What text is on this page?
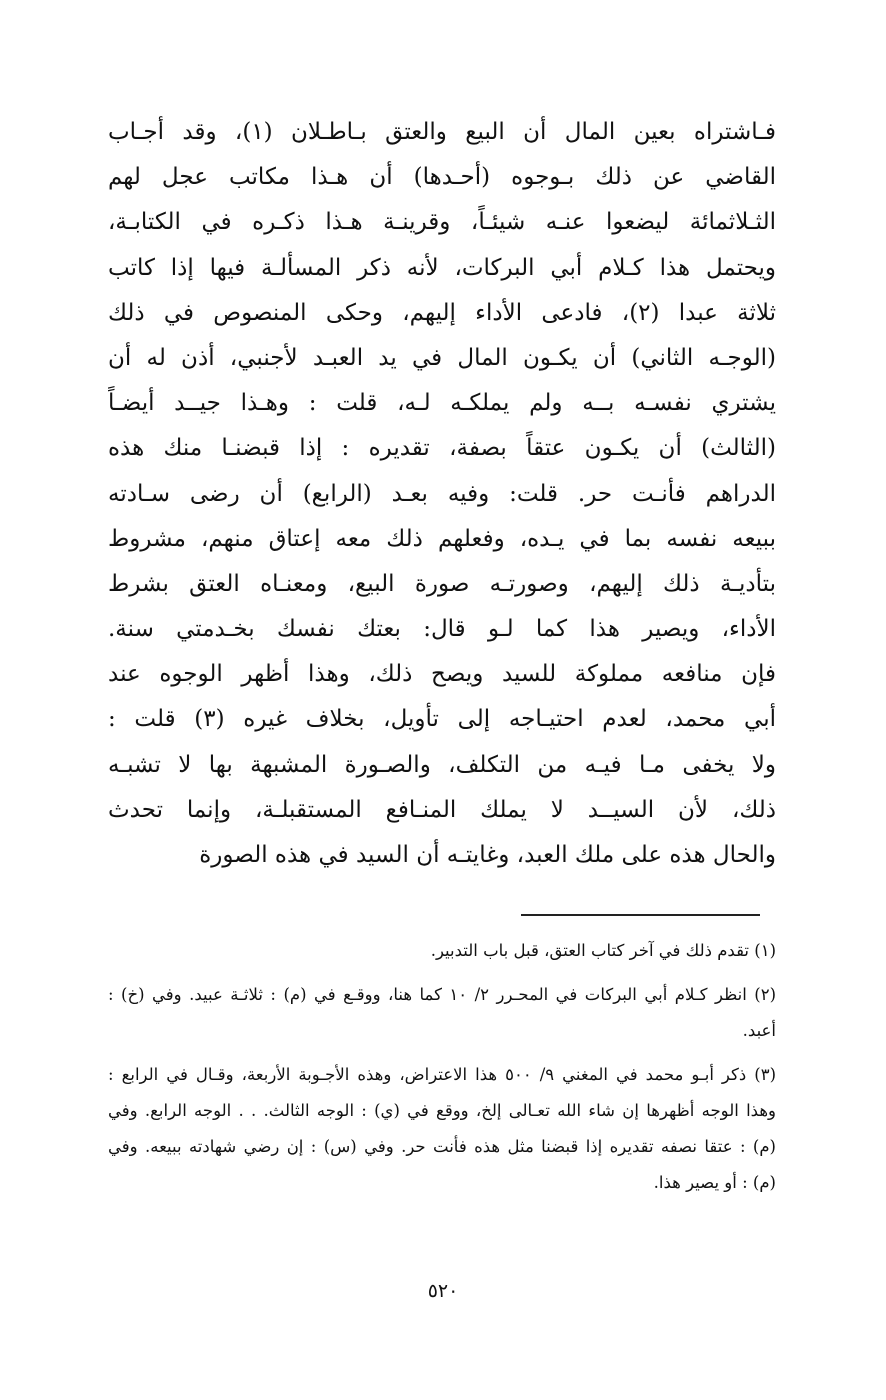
فـاشتراه بعين المال أن البيع والعتق بـاطـلان (١)، وقد أجـاب

القاضي عن ذلك بـوجوه (أحـدها) أن هـذا مكاتب عجل لهم

الثـلاثمائة ليضعوا عنـه شيئـاً، وقرينـة هـذا ذكـره في الكتابـة،

ويحتمل هذا كـلام أبي البركات، لأنه ذكر المسألـة فيها إذا كاتب

ثلاثة عبدا (٢)، فادعى الأداء إليهم، وحكى المنصوص في ذلك

(الوجـه الثاني) أن يكـون المال في يد العبـد لأجنبي، أذن له أن

يشتري نفسـه بــه ولم يملكـه لـه، قلت : وهـذا جيــد أيضـاً

(الثالث) أن يكـون عتقاً بصفة، تقديره : إذا قبضنـا منك هذه

الدراهم فأنـت حر. قلت: وفيه بعـد (الرابع) أن رضى سـادته

ببيعه نفسه بما في يـده، وفعلهم ذلك معه إعتاق منهم، مشروط

بتأديـة ذلك إليهم، وصورتـه صورة البيع، ومعنـاه العتق بشرط

الأداء، ويصير هذا كما لـو قال: بعتك نفسك بخـدمتي سنة.

فإن منافعه مملوكة للسيد ويصح ذلك، وهذا أظهر الوجوه عند

أبي محمد، لعدم احتيـاجه إلى تأويل، بخلاف غيره (٣) قلت :

ولا يخفى مـا فيـه من التكلف، والصـورة المشبهة بها لا تشبـه

ذلك، لأن السيــد لا يملك المنـافع المستقبلـة، وإنما تحدث

والحال هذه على ملك العبد، وغايتـه أن السيد في هذه الصورة

(١) تقدم ذلك في آخر كتاب العتق، قبل باب التدبير.

(٢) انظر كـلام أبي البركات في المحـرر ٢/ ١٠ كما هنا، ووقـع في (م) : ثلاثـة عبيد. وفي (خ) :

أعبد.

(٣) ذكر أبـو محمد في المغني ٩/ ٥٠٠ هذا الاعتراض، وهذه الأجـوبة الأربعة، وقـال في الرابع :

وهذا الوجه أظهرها إن شاء الله تعـالى إلخ، ووقع في (ي) : الوجه الثالث. . . الوجه الرابع. وفي

(م) : عتقا نصفه تقديره إذا قبضنا مثل هذه فأنت حر. وفي (س) : إن رضي شهادته ببيعه. وفي

(م) : أو يصير هذا.

٥٢٠
